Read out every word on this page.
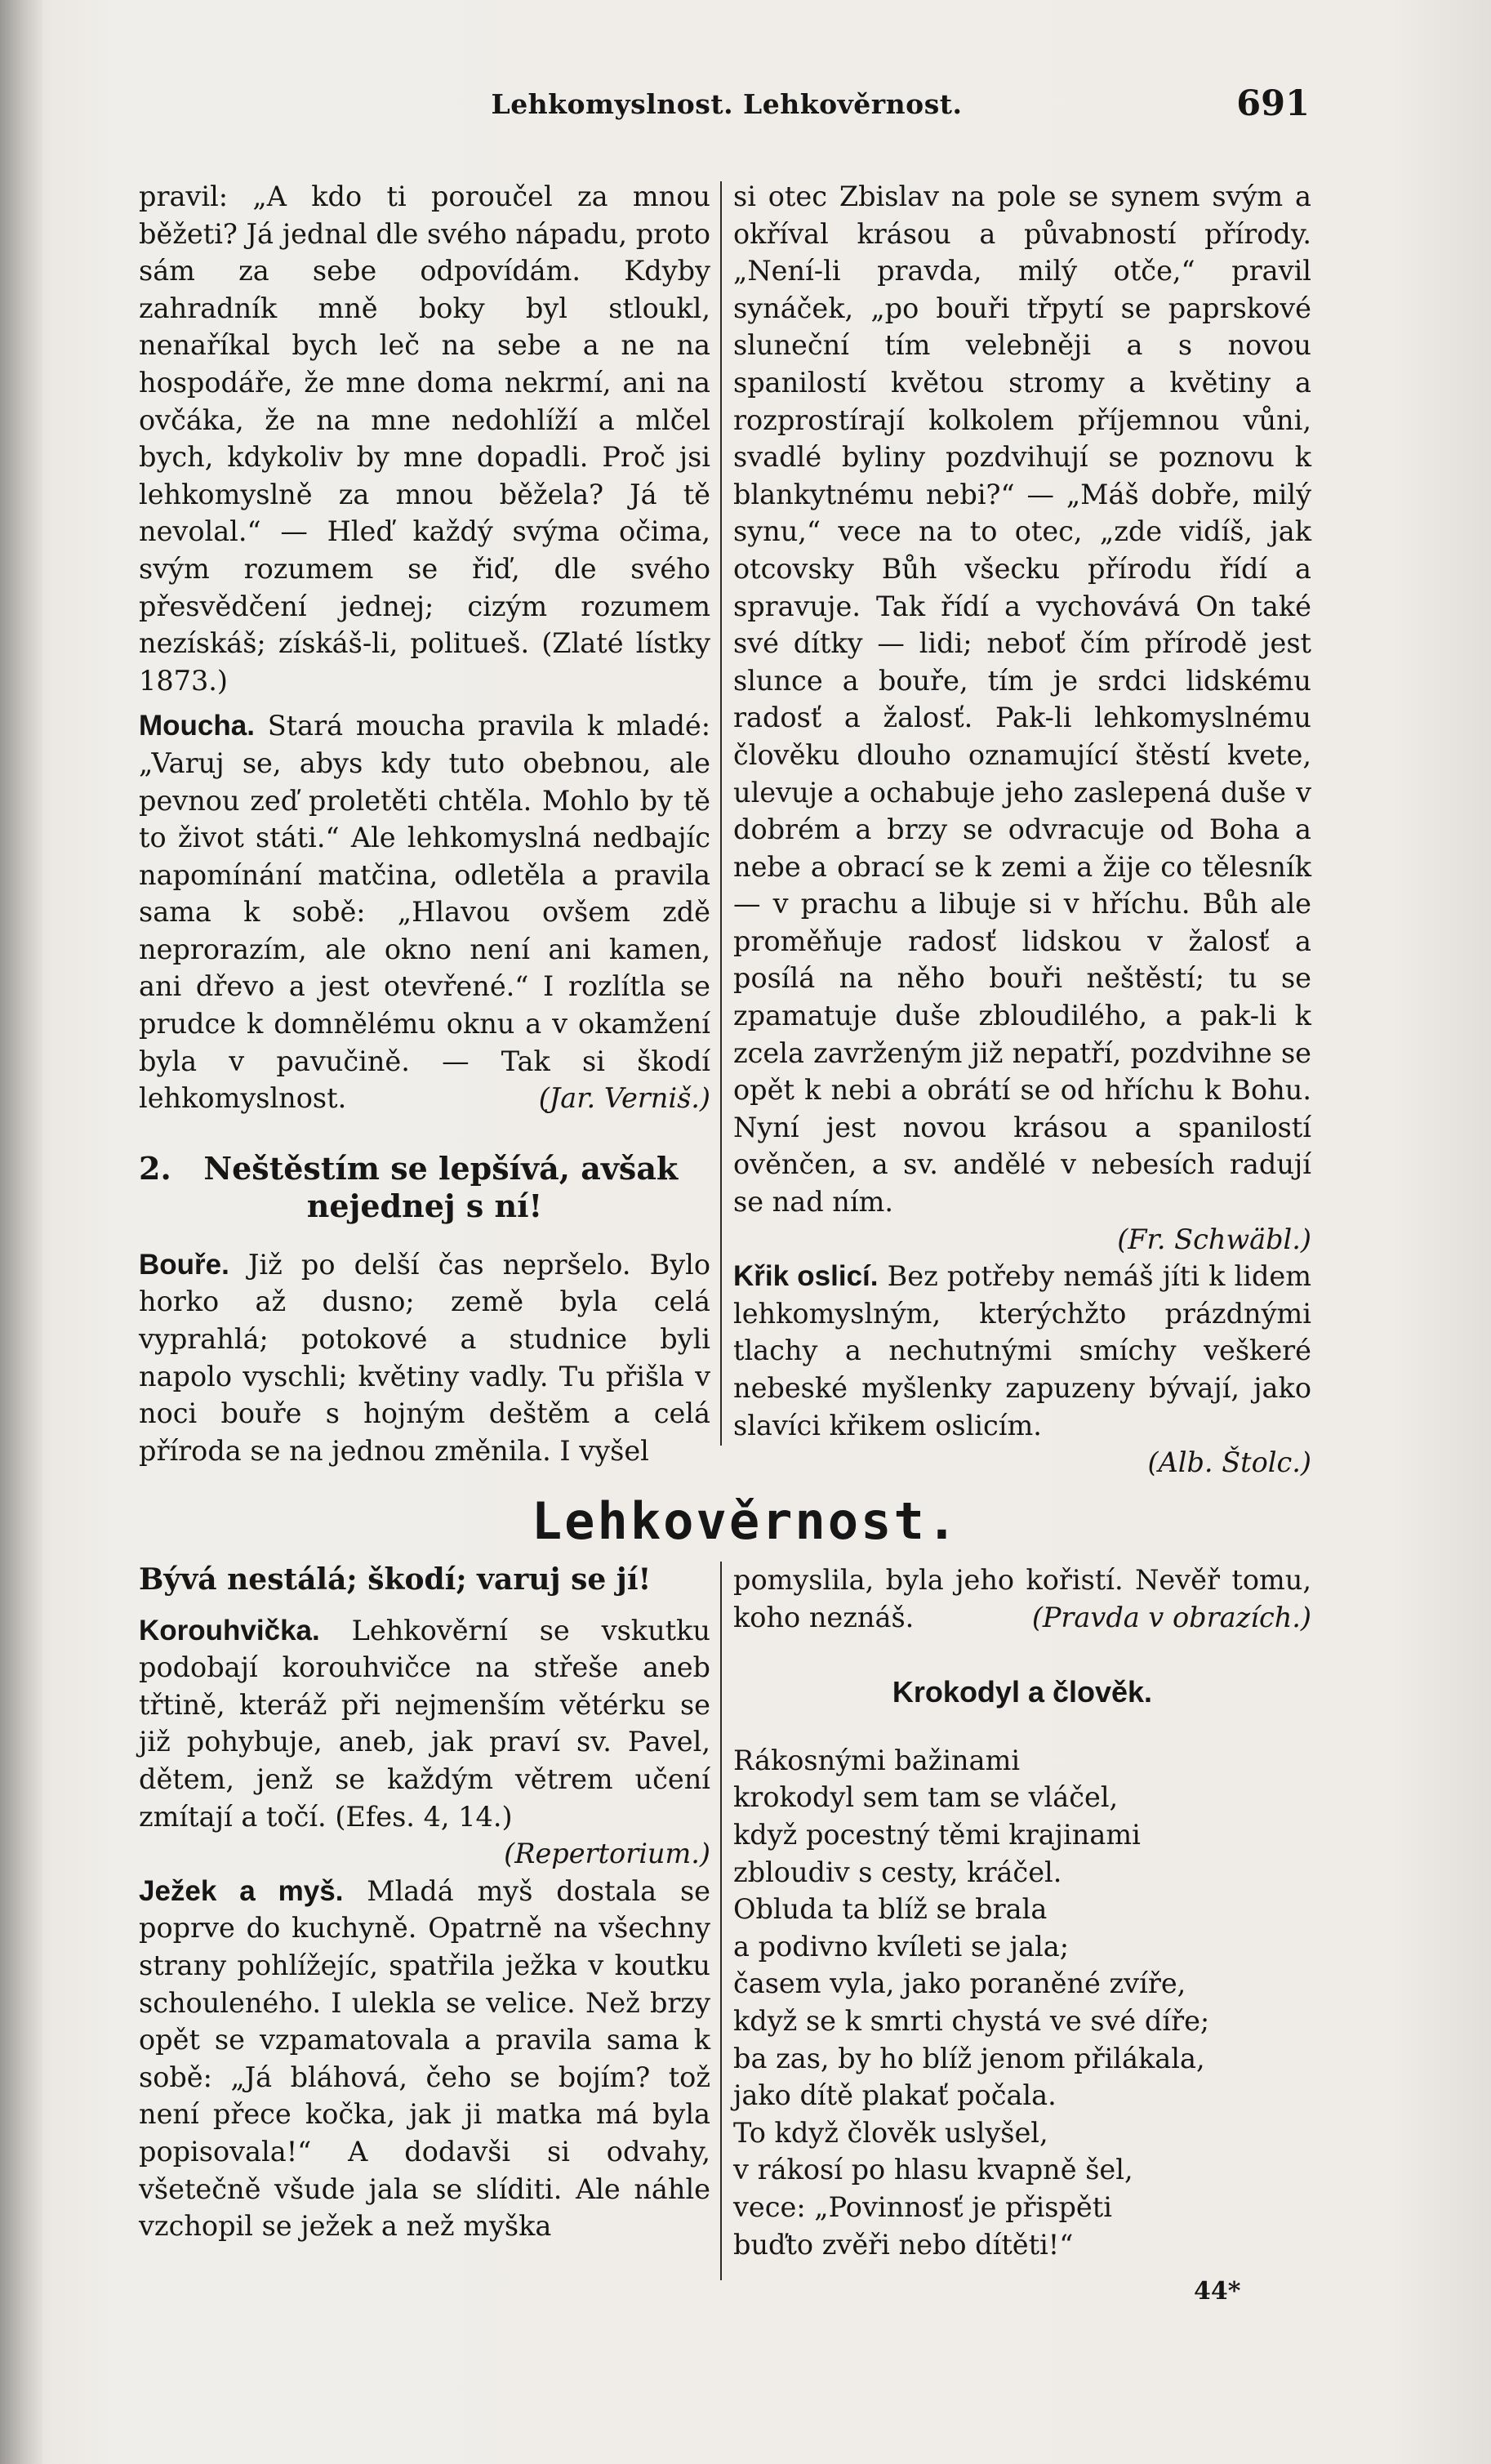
Lehkomyslnost. Lehkověrnost.	691

pravil: „A kdo ti poroučel za mnou běžeti? Já jednal dle svého nápadu, proto sám za sebe odpovídám. Kdyby zahradník mně boky byl stloukl, nenaříkal bych leč na sebe a ne na hospodáře, že mne doma nekrmí, ani na ovčáka, že na mne nedohlíží a mlčel bych, kdykoliv by mne dopadli. Proč jsi lehkomyslně za mnou běžela? Já tě nevolal.“ — Hleď každý svýma očima, svým rozumem se řiď, dle svého přesvědčení jednej; cizým rozumem nezískáš; získáš-li, politueš. (Zlaté lístky 1873.)

Moucha. Stará moucha pravila k mladé: „Varuj se, abys kdy tuto obebnou, ale pevnou zeď proletěti chtěla. Mohlo by tě to život státi.“ Ale lehkomyslná nedbajíc napomínání matčina, odletěla a pravila sama k sobě: „Hlavou ovšem zdě neprorazím, ale okno není ani kamen, ani dřevo a jest otevřené.“ I rozlítla se prudce k domnělému oknu a v okamžení byla v pavučině. — Tak si škodí lehkomyslnost.	(Jar. Verniš.)

2. Neštěstím se lepšívá, avšak nejednej s ní!

Bouře. Již po delší čas nepršelo. Bylo horko až dusno; země byla celá vyprahlá; potokové a studnice byli napolo vyschli; květiny vadly. Tu přišla v noci bouře s hojným deštěm a celá příroda se na jednou změnila. I vyšel

si otec Zbislav na pole se synem svým a okříval krásou a půvabností přírody. „Není-li pravda, milý otče,“ pravil synáček, „po bouři třpytí se paprskové sluneční tím velebněji a s novou spanilostí květou stromy a květiny a rozprostírají kolkolem příjemnou vůni, svadlé byliny pozdvihují se poznovu k blankytnému nebi?“ — „Máš dobře, milý synu,“ vece na to otec, „zde vidíš, jak otcovsky Bůh všecku přírodu řídí a spravuje. Tak řídí a vychovává On také své dítky — lidi; neboť čím přírodě jest slunce a bouře, tím je srdci lidskému radosť a žalosť. Pak-li lehkomyslnému člověku dlouho oznamující štěstí kvete, ulevuje a ochabuje jeho zaslepená duše v dobrém a brzy se odvracuje od Boha a nebe a obrací se k zemi a žije co tělesník — v prachu a libuje si v hříchu. Bůh ale proměňuje radosť lidskou v žalosť a posílá na něho bouři neštěstí; tu se zpamatuje duše zbloudilého, a pak-li k zcela zavrženým již nepatří, pozdvihne se opět k nebi a obrátí se od hříchu k Bohu. Nyní jest novou krásou a spanilostí ověnčen, a sv. andělé v nebesích radují se nad ním.

(Fr. Schwäbl.)

Křik oslicí. Bez potřeby nemáš jíti k lidem lehkomyslným, kterýchžto prázdnými tlachy a nechutnými smíchy veškeré nebeské myšlenky zapuzeny bývají, jako slavíci křikem oslicím.

(Alb. Štolc.)

Lehkověrnost.

Bývá nestálá; škodí; varuj se jí!

Korouhvička. Lehkověrní se vskutku podobají korouhvičce na střeše aneb třtině, kteráž při nejmenším větérku se již pohybuje, aneb, jak praví sv. Pavel, dětem, jenž se každým větrem učení zmítají a točí. (Efes. 4, 14.)

(Repertorium.)

Ježek a myš. Mladá myš dostala se poprve do kuchyně. Opatrně na všechny strany pohlížejíc, spatřila ježka v koutku schouleného. I ulekla se velice. Než brzy opět se vzpamatovala a pravila sama k sobě: „Já bláhová, čeho se bojím? tož není přece kočka, jak ji matka má byla popisovala!“ A dodavši si odvahy, všetečně všude jala se slíditi. Ale náhle vzchopil se ježek a než myška

pomyslila, byla jeho kořistí. Nevěř tomu, koho neznáš.	(Pravda v obrazích.)

Krokodyl a člověk.

Rákosnými bažinami

krokodyl sem tam se vláčel,

když pocestný těmi krajinami

zbloudiv s cesty, kráčel.

Obluda ta blíž se brala

a podivno kvíleti se jala;

časem vyla, jako poraněné zvíře,

když se k smrti chystá ve své díře;

ba zas, by ho blíž jenom přilákala,

jako dítě plakať počala.

To když člověk uslyšel,

v rákosí po hlasu kvapně šel,

vece: „Povinnosť je přispěti

buďto zvěři nebo dítěti!“

44*
